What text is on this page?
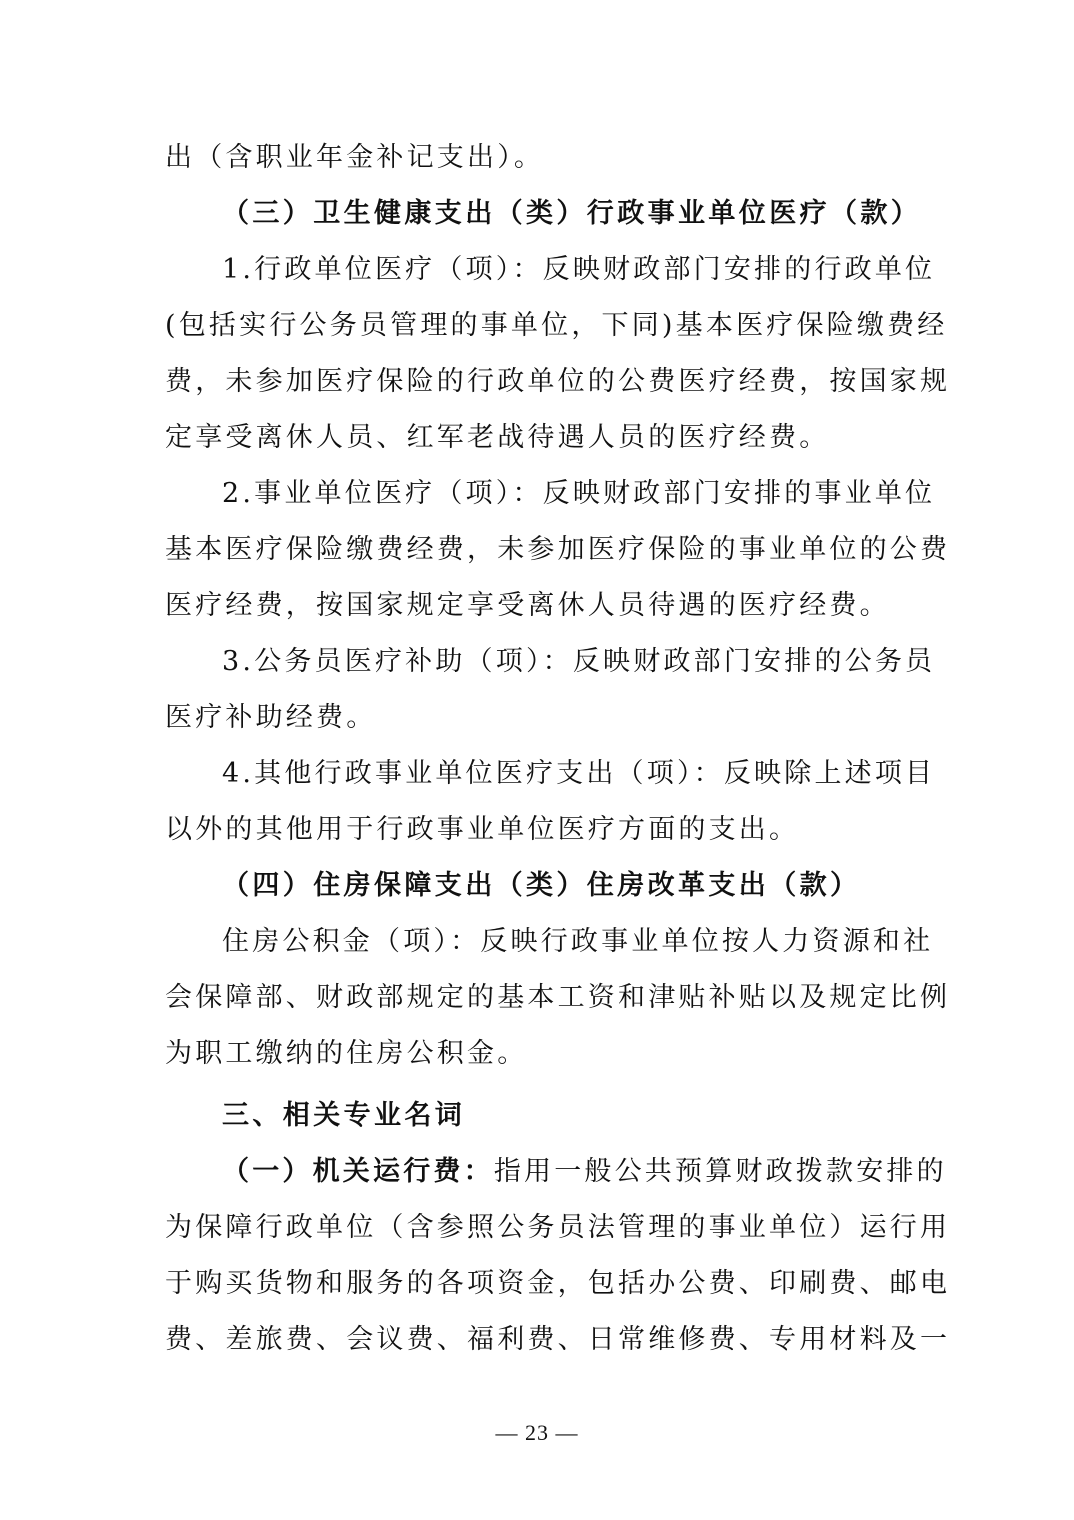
出（含职业年金补记支出）。
（三）卫生健康支出（类）行政事业单位医疗（款）
1.行政单位医疗（项）：反映财政部门安排的行政单位
(包括实行公务员管理的事单位，下同)基本医疗保险缴费经
费，未参加医疗保险的行政单位的公费医疗经费，按国家规
定享受离休人员、红军老战待遇人员的医疗经费。
2.事业单位医疗（项）：反映财政部门安排的事业单位
基本医疗保险缴费经费，未参加医疗保险的事业单位的公费
医疗经费，按国家规定享受离休人员待遇的医疗经费。
3.公务员医疗补助（项）：反映财政部门安排的公务员
医疗补助经费。
4.其他行政事业单位医疗支出（项）：反映除上述项目
以外的其他用于行政事业单位医疗方面的支出。
（四）住房保障支出（类）住房改革支出（款）
住房公积金（项）：反映行政事业单位按人力资源和社
会保障部、财政部规定的基本工资和津贴补贴以及规定比例
为职工缴纳的住房公积金。
三、相关专业名词
（一）机关运行费：指用一般公共预算财政拨款安排的
为保障行政单位（含参照公务员法管理的事业单位）运行用
于购买货物和服务的各项资金，包括办公费、印刷费、邮电
费、差旅费、会议费、福利费、日常维修费、专用材料及一
— 23 —
